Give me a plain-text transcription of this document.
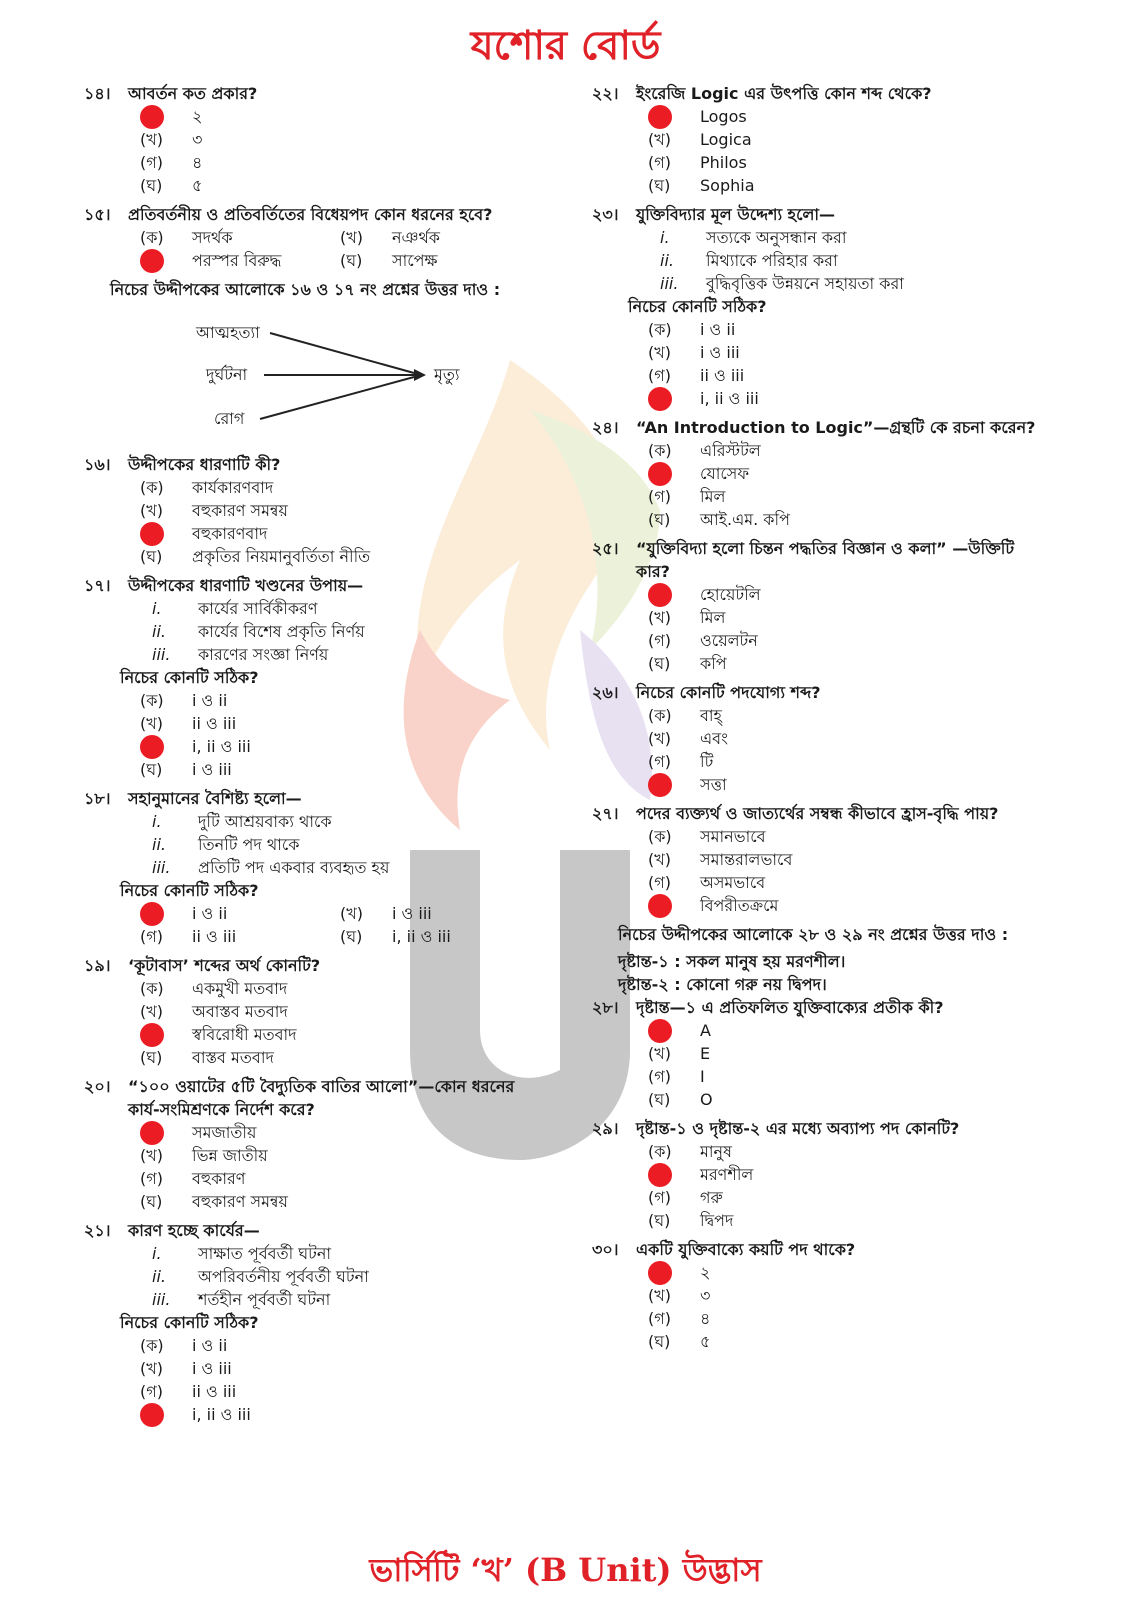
যশোর বোর্ড
১৪।	আবর্তন কত প্রকার?
২
(খ)	৩
(গ)	৪
(ঘ)	৫
১৫।	প্রতিবর্তনীয় ও প্রতিবর্তিতের বিধেয়পদ কোন ধরনের হবে?
(ক)	সদর্থক	(খ)	নঞর্থক
পরস্পর বিরুদ্ধ	(ঘ)	সাপেক্ষ
নিচের উদ্দীপকের আলোকে ১৬ ও ১৭ নং প্রশ্নের উত্তর দাও :
আত্মহত্যা
দুর্ঘটনা
রোগ
মৃত্যু
১৬।	উদ্দীপকের ধারণাটি কী?
(ক)	কার্যকারণবাদ
(খ)	বহুকারণ সমন্বয়
বহুকারণবাদ
(ঘ)	প্রকৃতির নিয়মানুবর্তিতা নীতি
১৭।	উদ্দীপকের ধারণাটি খণ্ডনের উপায়—
i.	কার্যের সার্বিকীকরণ
ii.	কার্যের বিশেষ প্রকৃতি নির্ণয়
iii.	কারণের সংজ্ঞা নির্ণয়
নিচের কোনটি সঠিক?
(ক)	i ও ii
(খ)	ii ও iii
i, ii ও iii
(ঘ)	i ও iii
১৮।	সহানুমানের বৈশিষ্ট্য হলো—
i.	দুটি আশ্রয়বাক্য থাকে
ii.	তিনটি পদ থাকে
iii.	প্রতিটি পদ একবার ব্যবহৃত হয়
নিচের কোনটি সঠিক?
i ও ii	(খ)	i ও iii
(গ)	ii ও iii	(ঘ)	i, ii ও iii
১৯।	‘কূটাবাস’ শব্দের অর্থ কোনটি?
(ক)	একমুখী মতবাদ
(খ)	অবাস্তব মতবাদ
স্ববিরোধী মতবাদ
(ঘ)	বাস্তব মতবাদ
২০।	“১০০ ওয়াটের ৫টি বৈদ্যুতিক বাতির আলো”—কোন ধরনের কার্য-সংমিশ্রণকে নির্দেশ করে?
সমজাতীয়
(খ)	ভিন্ন জাতীয়
(গ)	বহুকারণ
(ঘ)	বহুকারণ সমন্বয়
২১।	কারণ হচ্ছে কার্যের—
i.	সাক্ষাত পূর্ববর্তী ঘটনা
ii.	অপরিবর্তনীয় পূর্ববর্তী ঘটনা
iii.	শর্তহীন পূর্ববর্তী ঘটনা
নিচের কোনটি সঠিক?
(ক)	i ও ii
(খ)	i ও iii
(গ)	ii ও iii
i, ii ও iii
২২।	ইংরেজি Logic এর উৎপত্তি কোন শব্দ থেকে?
Logos
(খ)	Logica
(গ)	Philos
(ঘ)	Sophia
২৩।	যুক্তিবিদ্যার মূল উদ্দেশ্য হলো—
i.	সত্যকে অনুসন্ধান করা
ii.	মিথ্যাকে পরিহার করা
iii.	বুদ্ধিবৃত্তিক উন্নয়নে সহায়তা করা
নিচের কোনটি সঠিক?
(ক)	i ও ii
(খ)	i ও iii
(গ)	ii ও iii
i, ii ও iii
২৪।	“An Introduction to Logic”—গ্রন্থটি কে রচনা করেন?
(ক)	এরিস্টটল
যোসেফ
(গ)	মিল
(ঘ)	আই.এম. কপি
২৫।	“যুক্তিবিদ্যা হলো চিন্তন পদ্ধতির বিজ্ঞান ও কলা” —উক্তিটি কার?
হোয়েটলি
(খ)	মিল
(গ)	ওয়েলটন
(ঘ)	কপি
২৬।	নিচের কোনটি পদযোগ্য শব্দ?
(ক)	বাহ্
(খ)	এবং
(গ)	টি
সত্তা
২৭।	পদের ব্যক্ত্যর্থ ও জাত্যর্থের সম্বন্ধ কীভাবে হ্রাস-বৃদ্ধি পায়?
(ক)	সমানভাবে
(খ)	সমান্তরালভাবে
(গ)	অসমভাবে
বিপরীতক্রমে
নিচের উদ্দীপকের আলোকে ২৮ ও ২৯ নং প্রশ্নের উত্তর দাও :
দৃষ্টান্ত-১ : সকল মানুষ হয় মরণশীল।
দৃষ্টান্ত-২ : কোনো গরু নয় দ্বিপদ।
২৮।	দৃষ্টান্ত—১ এ প্রতিফলিত যুক্তিবাক্যের প্রতীক কী?
A
(খ)	E
(গ)	I
(ঘ)	O
২৯।	দৃষ্টান্ত-১ ও দৃষ্টান্ত-২ এর মধ্যে অব্যাপ্য পদ কোনটি?
(ক)	মানুষ
মরণশীল
(গ)	গরু
(ঘ)	দ্বিপদ
৩০।	একটি যুক্তিবাক্যে কয়টি পদ থাকে?
২
(খ)	৩
(গ)	৪
(ঘ)	৫
ভার্সিটি ‘খ’ (B Unit) উদ্ভাস
